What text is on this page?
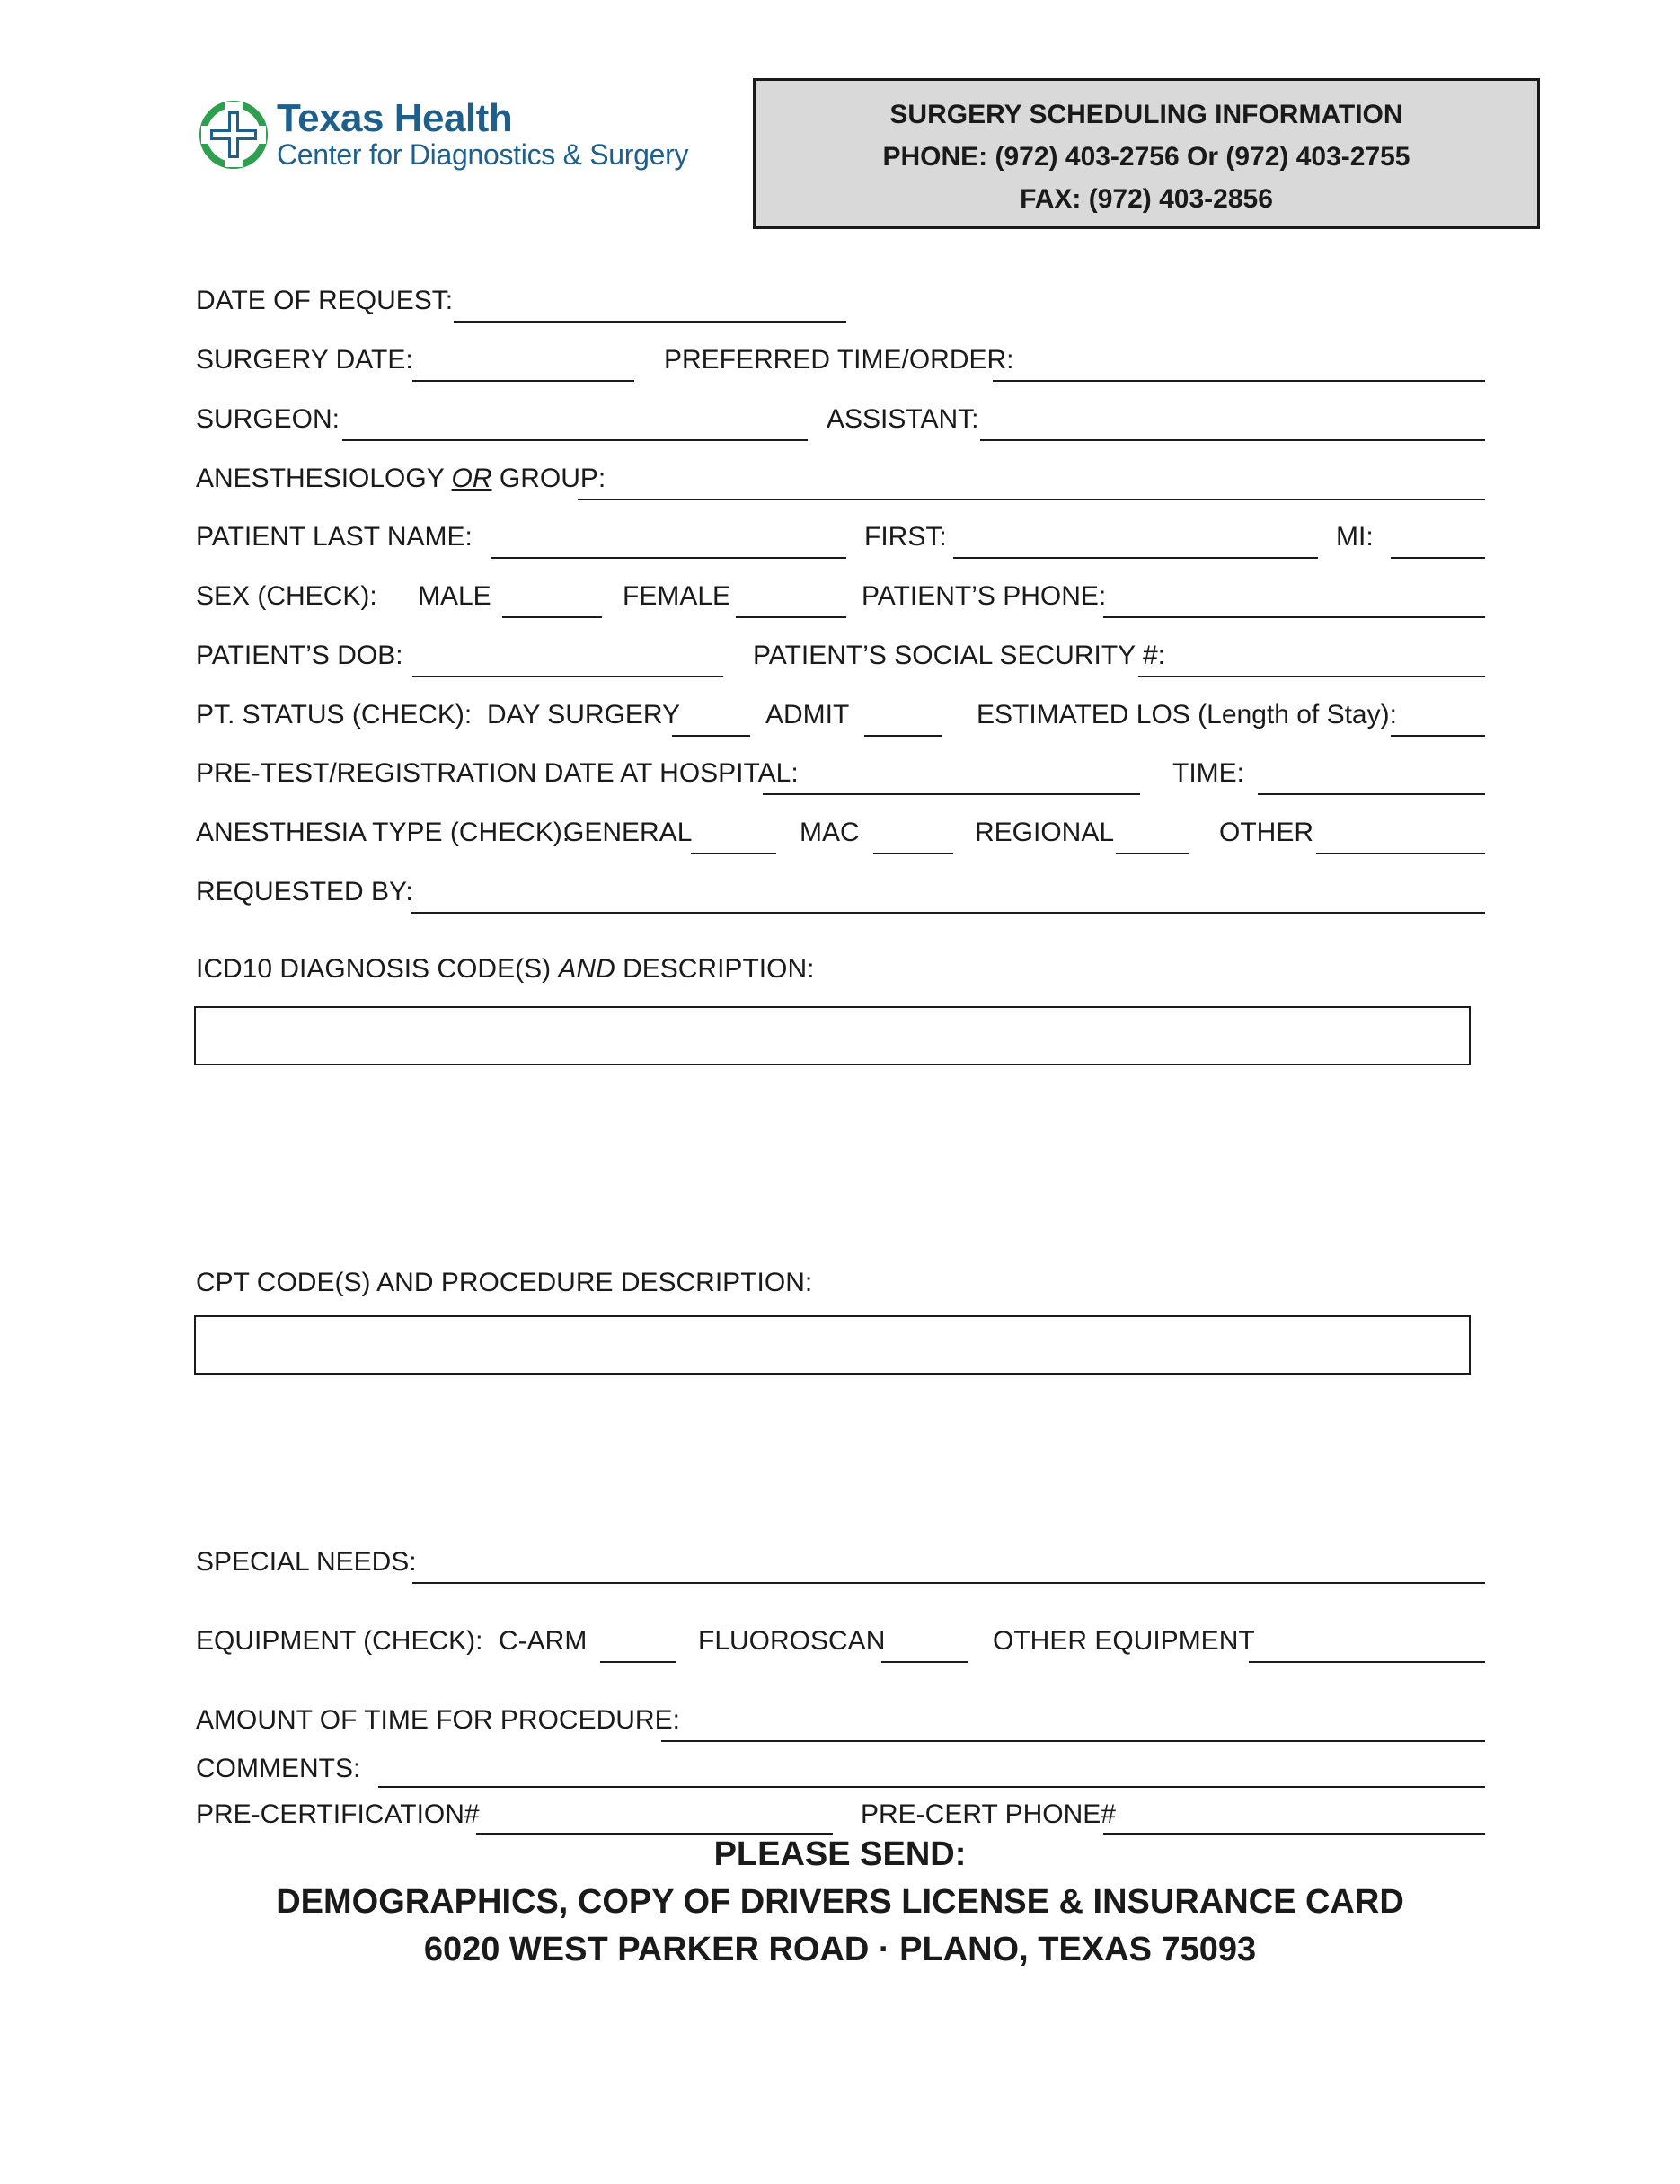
Texas Health
Center for Diagnostics & Surgery
SURGERY SCHEDULING INFORMATION
PHONE: (972) 403-2756 Or (972) 403-2755
FAX: (972) 403-2856
DATE OF REQUEST:
SURGERY DATE:	PREFERRED TIME/ORDER:
SURGEON:	ASSISTANT:
ANESTHESIOLOGY OR GROUP:
PATIENT LAST NAME:	FIRST:	MI:
SEX (CHECK): MALE	FEMALE	PATIENT’S PHONE:
PATIENT’S DOB:	PATIENT’S SOCIAL SECURITY #:
PT. STATUS (CHECK): DAY SURGERY	ADMIT	ESTIMATED LOS (Length of Stay):
PRE-TEST/REGISTRATION DATE AT HOSPITAL:	TIME:
ANESTHESIA TYPE (CHECK):
GENERAL	MAC	REGIONAL	OTHER
REQUESTED BY:
ICD10 DIAGNOSIS CODE(S) AND DESCRIPTION:
CPT CODE(S) AND PROCEDURE DESCRIPTION:
SPECIAL NEEDS:
EQUIPMENT (CHECK): C-ARM	FLUOROSCAN	OTHER EQUIPMENT
AMOUNT OF TIME FOR PROCEDURE:
COMMENTS:
PRE-CERTIFICATION#	PRE-CERT PHONE#
PLEASE SEND:
DEMOGRAPHICS, COPY OF DRIVERS LICENSE & INSURANCE CARD
6020 WEST PARKER ROAD · PLANO, TEXAS 75093
